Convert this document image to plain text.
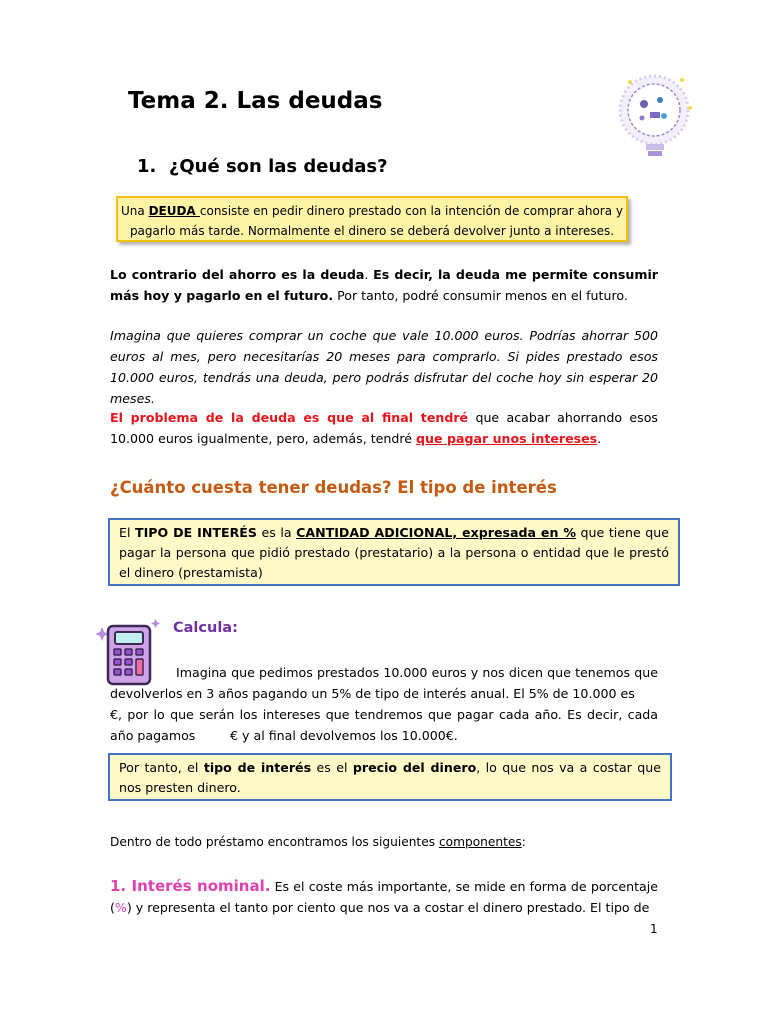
Tema 2. Las deudas
1. ¿Qué son las deudas?
Una DEUDA consiste en pedir dinero prestado con la intención de comprar ahora y pagarlo más tarde. Normalmente el dinero se deberá devolver junto a intereses.
Lo contrario del ahorro es la deuda. Es decir, la deuda me permite consumir más hoy y pagarlo en el futuro. Por tanto, podré consumir menos en el futuro.
Imagina que quieres comprar un coche que vale 10.000 euros. Podrías ahorrar 500 euros al mes, pero necesitarías 20 meses para comprarlo. Si pides prestado esos 10.000 euros, tendrás una deuda, pero podrás disfrutar del coche hoy sin esperar 20 meses.
El problema de la deuda es que al final tendré que acabar ahorrando esos 10.000 euros igualmente, pero, además, tendré que pagar unos intereses.
¿Cuánto cuesta tener deudas? El tipo de interés
El TIPO DE INTERÉS es la CANTIDAD ADICIONAL, expresada en % que tiene que pagar la persona que pidió prestado (prestatario) a la persona o entidad que le prestó el dinero (prestamista)
Calcula:
Imagina que pedimos prestados 10.000 euros y nos dicen que tenemos que devolverlos en 3 años pagando un 5% de tipo de interés anual. El 5% de 10.000 es
€, por lo que serán los intereses que tendremos que pagar cada año. Es decir, cada año pagamos	€ y al final devolvemos los 10.000€.
Por tanto, el tipo de interés es el precio del dinero, lo que nos va a costar que nos presten dinero.
Dentro de todo préstamo encontramos los siguientes componentes:
1. Interés nominal. Es el coste más importante, se mide en forma de porcentaje (%) y representa el tanto por ciento que nos va a costar el dinero prestado. El tipo de
1
